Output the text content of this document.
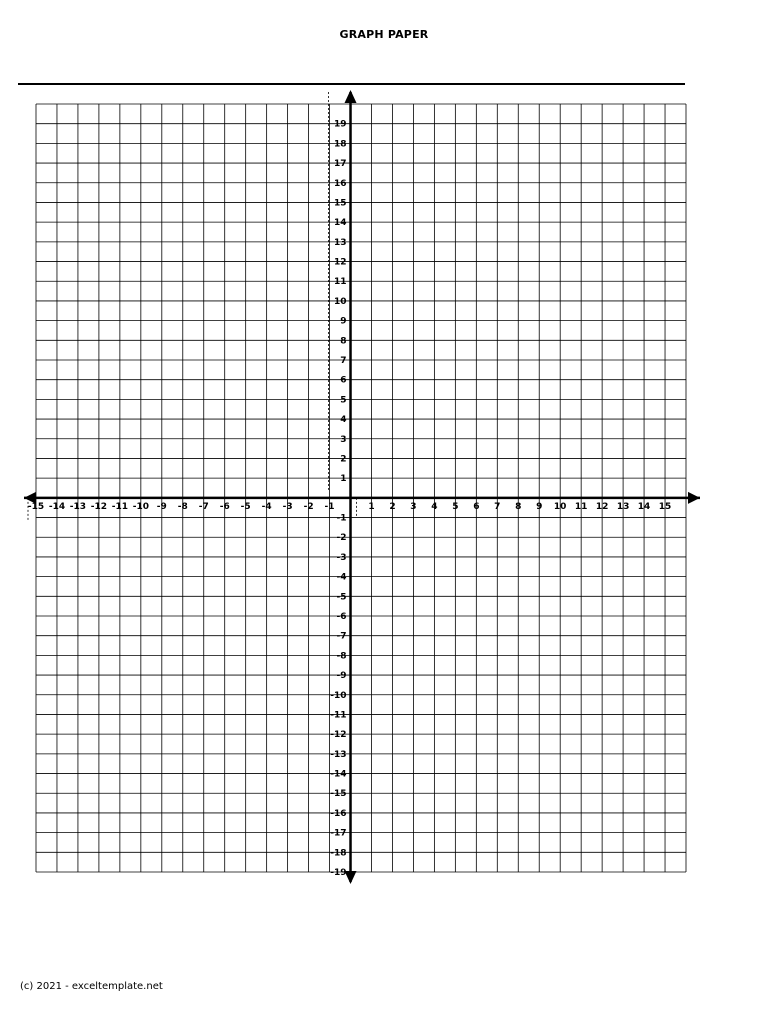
GRAPH PAPER
-15 -14 -13 -12 -11 -10 -9 -8 -7 -6 -5 -4 -3 -2 -1	1 2 3 4 5 6 7 8 9 10 11 12 13 14 15
19
18
17
16
15
14
13
12
11
10
9
8
7
6
5
4
3
2
1
-1
-2
-3
-4
-5
-6
-7
-8
-9
-10
-11
-12
-13
-14
-15
-16
-17
-18
-19
(c) 2021 - exceltemplate.net
